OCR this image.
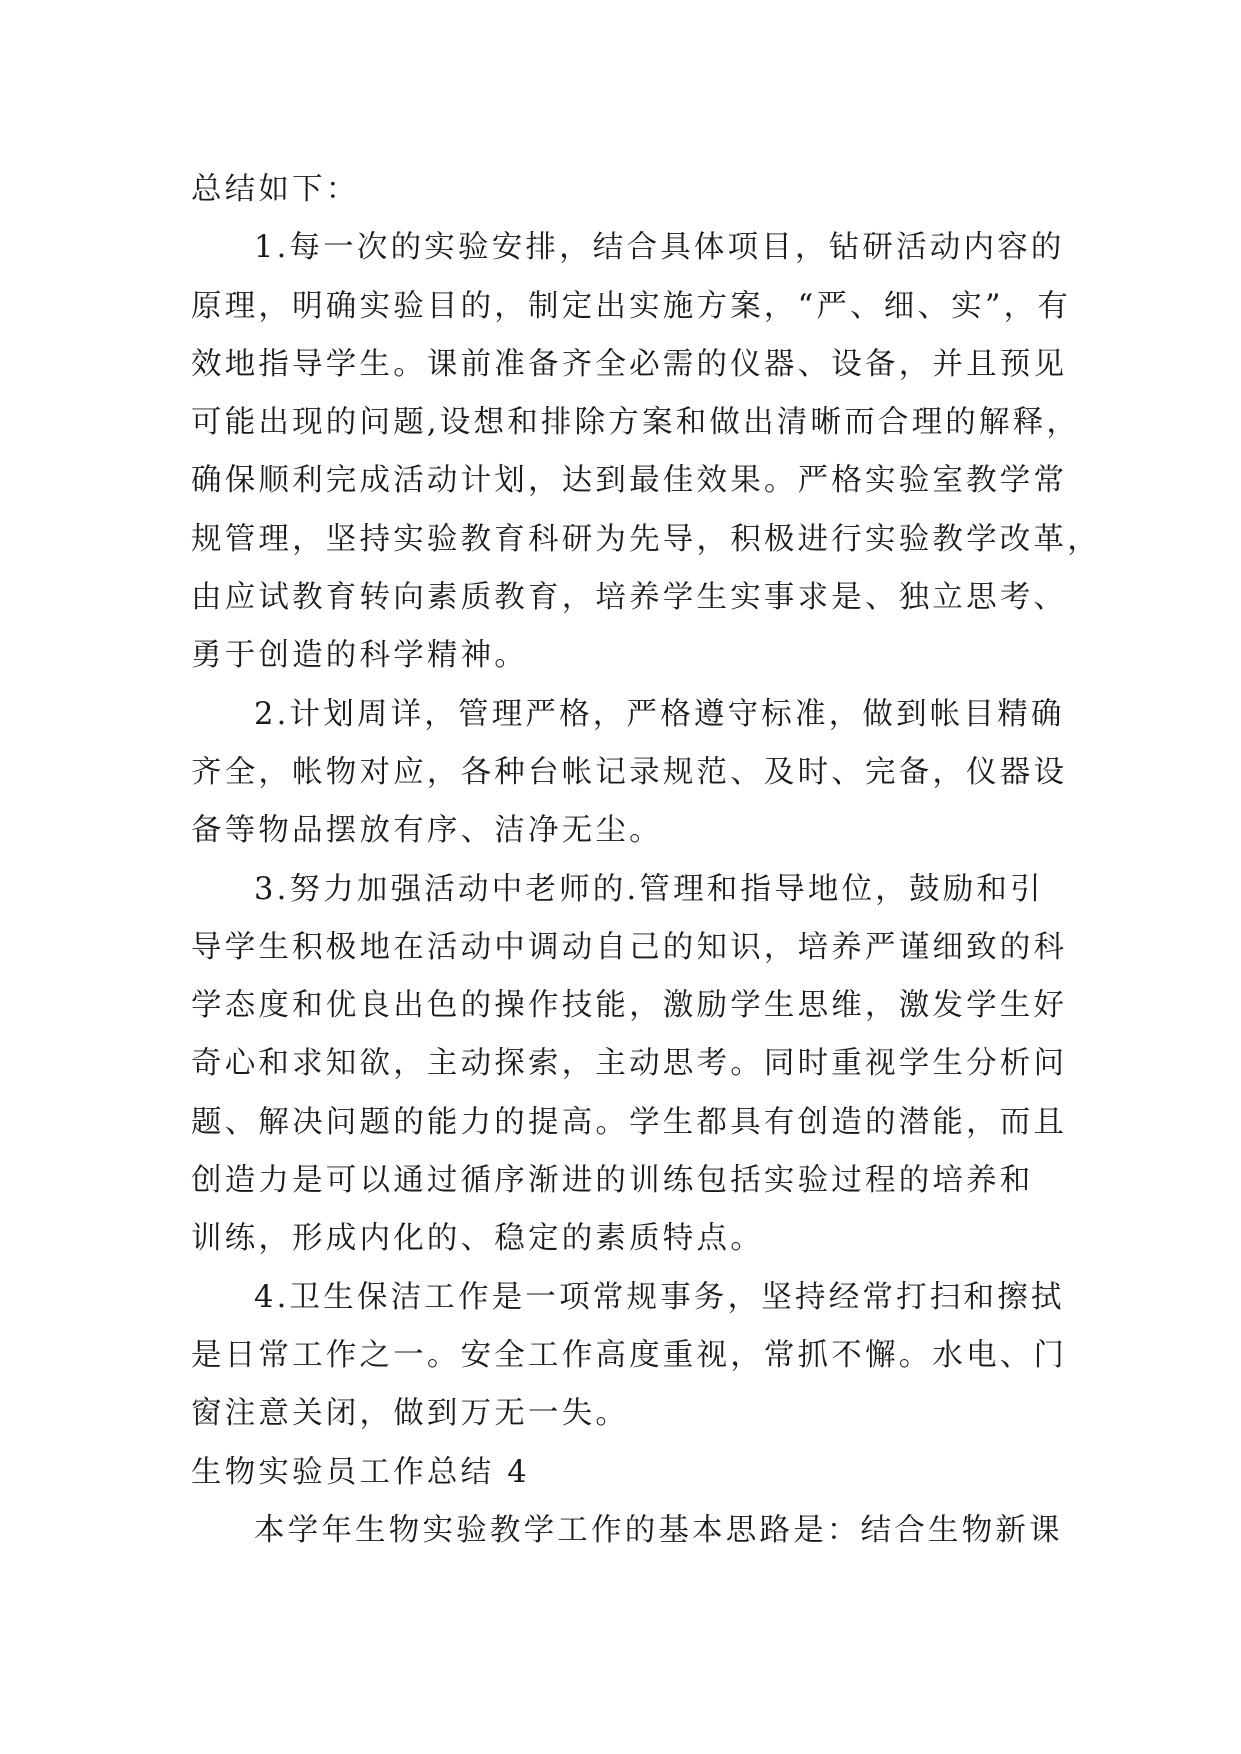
总结如下：
1.每一次的实验安排，结合具体项目，钻研活动内容的
原理，明确实验目的，制定出实施方案，“严、细、实”，有
效地指导学生。课前准备齐全必需的仪器、设备，并且预见
可能出现的问题,设想和排除方案和做出清晰而合理的解释，
确保顺利完成活动计划，达到最佳效果。严格实验室教学常
规管理，坚持实验教育科研为先导，积极进行实验教学改革，
由应试教育转向素质教育，培养学生实事求是、独立思考、
勇于创造的科学精神。
2.计划周详，管理严格，严格遵守标准，做到帐目精确
齐全，帐物对应，各种台帐记录规范、及时、完备，仪器设
备等物品摆放有序、洁净无尘。
3.努力加强活动中老师的.管理和指导地位，鼓励和引
导学生积极地在活动中调动自己的知识，培养严谨细致的科
学态度和优良出色的操作技能，激励学生思维，激发学生好
奇心和求知欲，主动探索，主动思考。同时重视学生分析问
题、解决问题的能力的提高。学生都具有创造的潜能，而且
创造力是可以通过循序渐进的训练包括实验过程的培养和
训练，形成内化的、稳定的素质特点。
4.卫生保洁工作是一项常规事务，坚持经常打扫和擦拭
是日常工作之一。安全工作高度重视，常抓不懈。水电、门
窗注意关闭，做到万无一失。
生物实验员工作总结 4
本学年生物实验教学工作的基本思路是：结合生物新课
